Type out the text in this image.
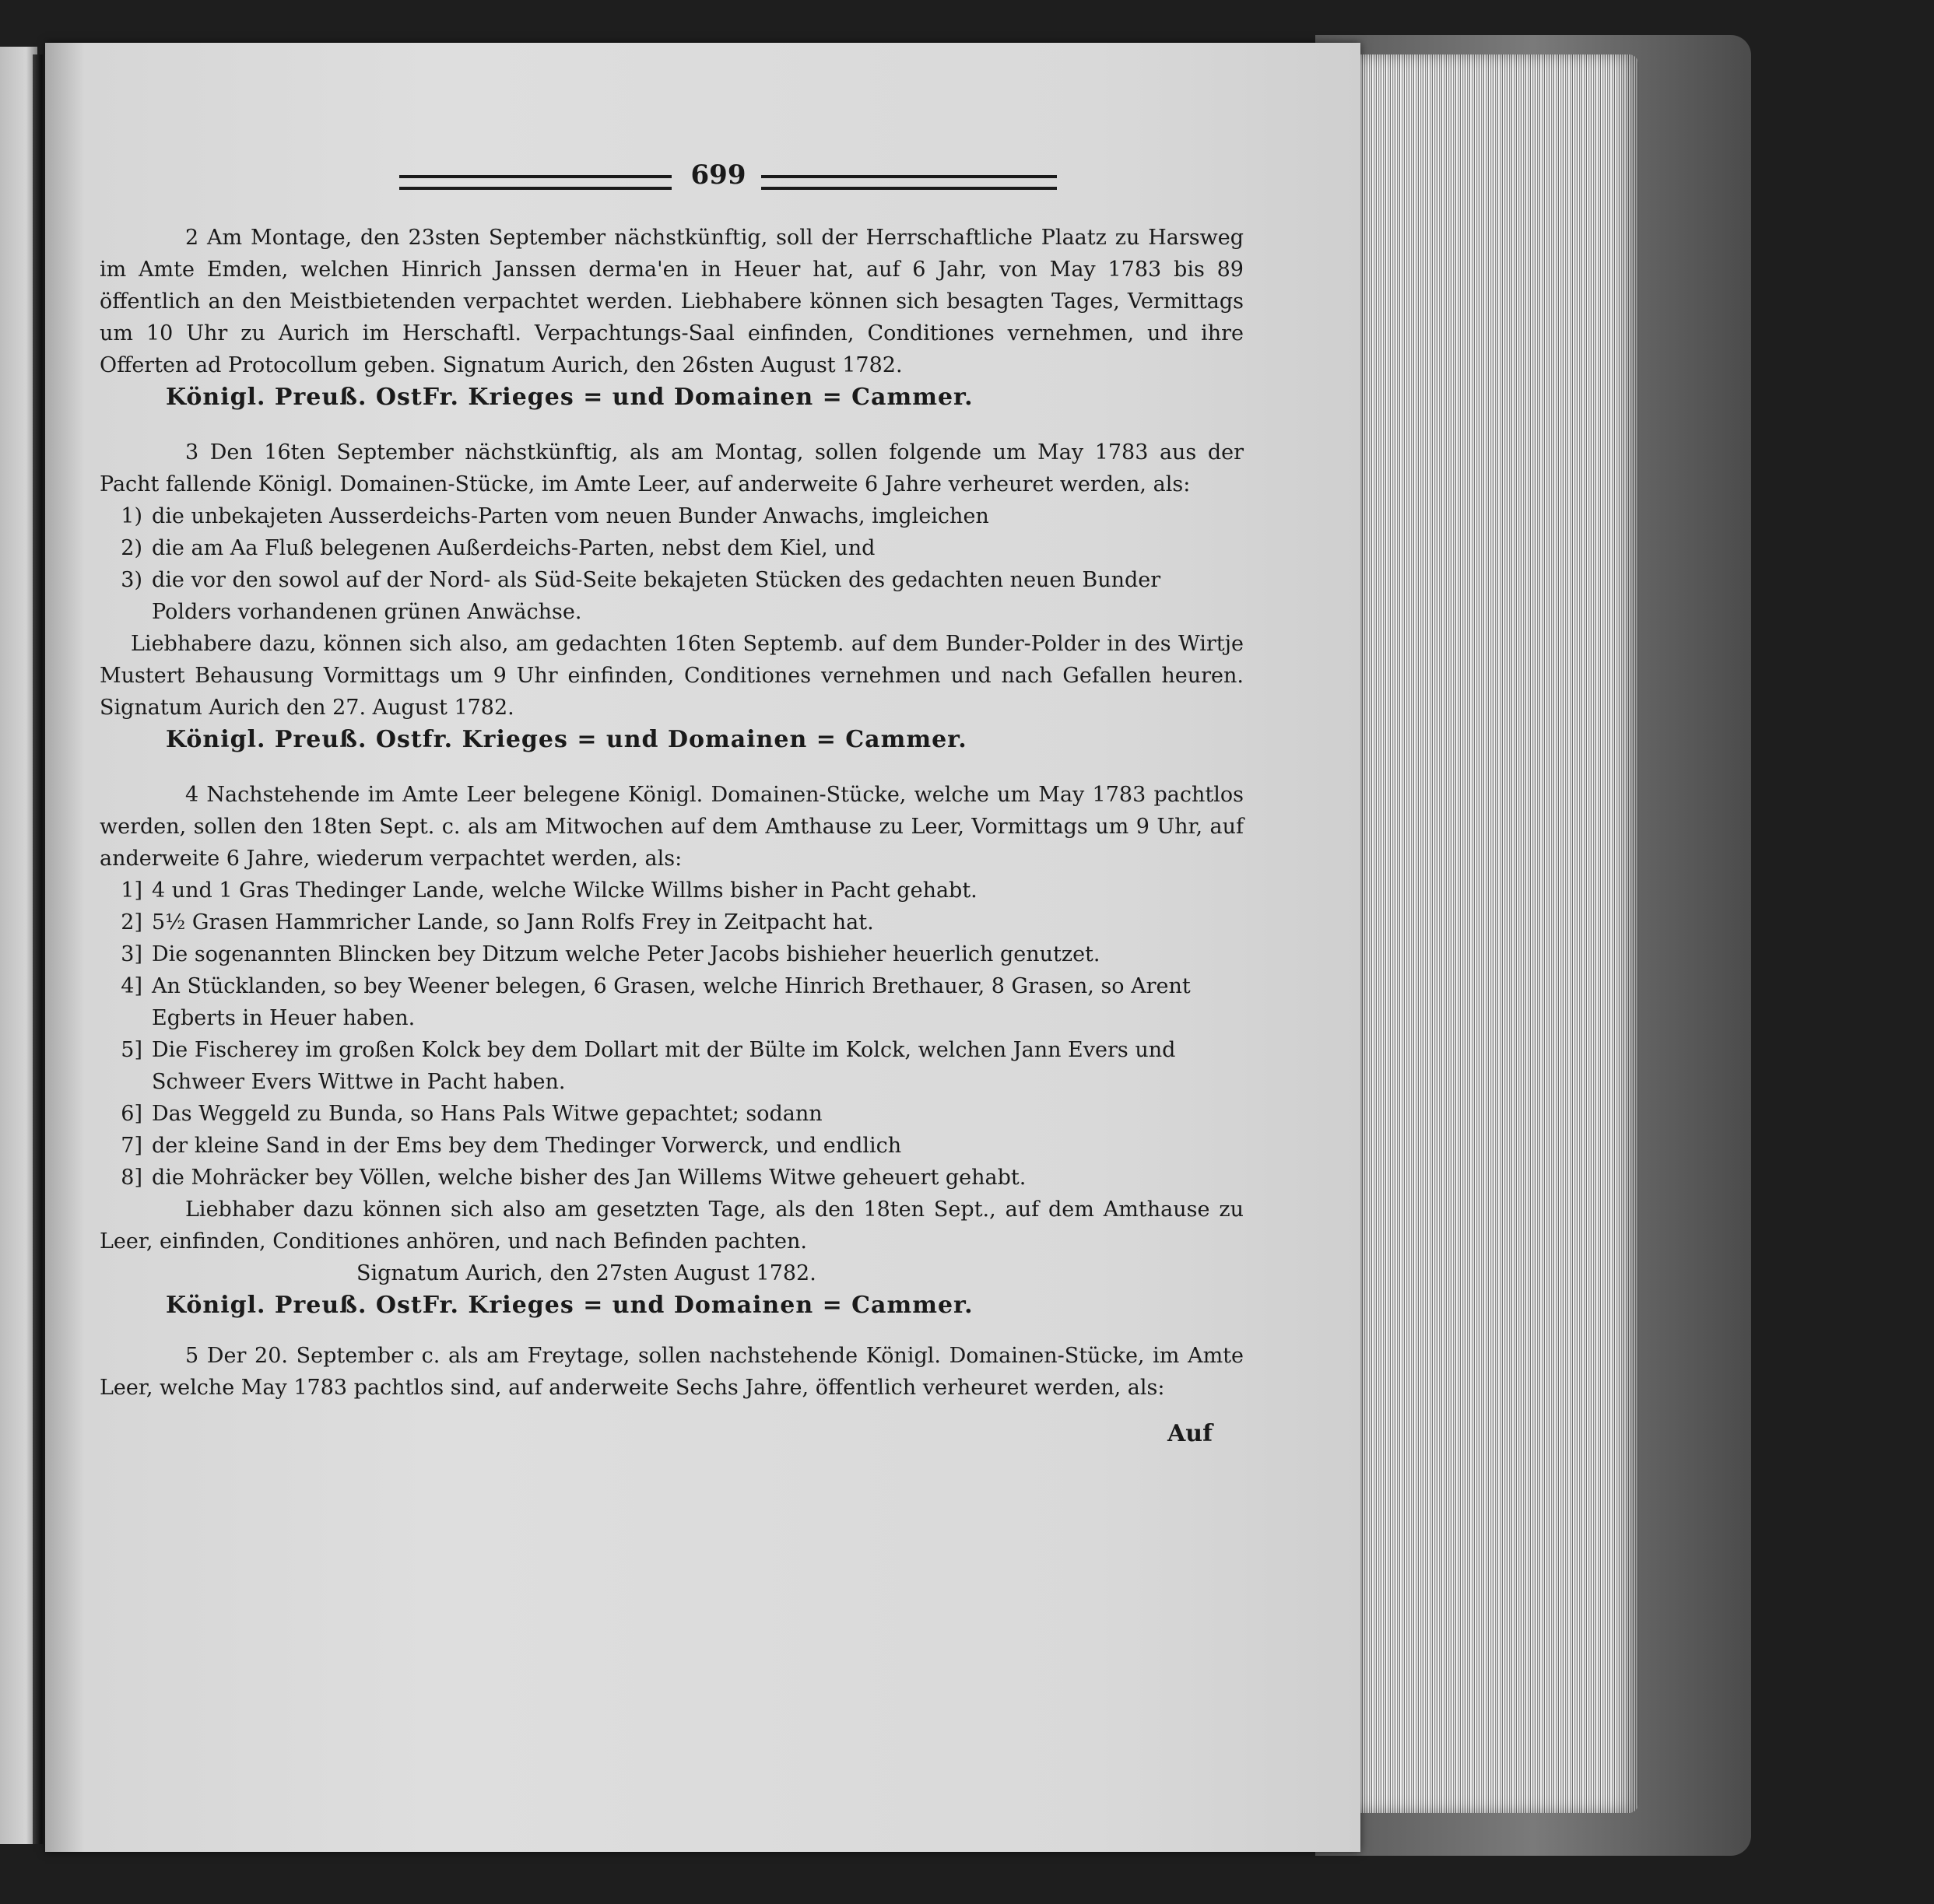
699

2 Am Montage, den 23sten September nächstkünftig, soll der Herrschaftliche Plaatz zu Harsweg im Amte Emden, welchen Hinrich Janssen derma'en in Heuer hat, auf 6 Jahr, von May 1783 bis 89 öffentlich an den Meistbietenden verpachtet werden. Liebhabere können sich besagten Tages, Vermittags um 10 Uhr zu Aurich im Herschaftl. Verpachtungs-Saal einfinden, Conditiones vernehmen, und ihre Offerten ad Protocollum geben. Signatum Aurich, den 26sten August 1782.

Königl. Preuß. OstFr. Krieges = und Domainen = Cammer.

3 Den 16ten September nächstkünftig, als am Montag, sollen folgende um May 1783 aus der Pacht fallende Königl. Domainen-Stücke, im Amte Leer, auf anderweite 6 Jahre verheuret werden, als:

1) die unbekajeten Ausserdeichs-Parten vom neuen Bunder Anwachs, imgleichen
2) die am Aa Fluß belegenen Außerdeichs-Parten, nebst dem Kiel, und
3) die vor den sowol auf der Nord- als Süd-Seite bekajeten Stücken des gedachten neuen Bunder Polders vorhandenen grünen Anwächse.

Liebhabere dazu, können sich also, am gedachten 16ten Septemb. auf dem Bunder-Polder in des Wirtje Mustert Behausung Vormittags um 9 Uhr einfinden, Conditiones vernehmen und nach Gefallen heuren. Signatum Aurich den 27. August 1782.

Königl. Preuß. Ostfr. Krieges = und Domainen = Cammer.

4 Nachstehende im Amte Leer belegene Königl. Domainen-Stücke, welche um May 1783 pachtlos werden, sollen den 18ten Sept. c. als am Mitwochen auf dem Amthause zu Leer, Vormittags um 9 Uhr, auf anderweite 6 Jahre, wiederum verpachtet werden, als:

1] 4 und 1 Gras Thedinger Lande, welche Wilcke Willms bisher in Pacht gehabt.
2] 5½ Grasen Hammricher Lande, so Jann Rolfs Frey in Zeitpacht hat.
3] Die sogenannten Blincken bey Ditzum welche Peter Jacobs bishieher heuerlich genutzet.
4] An Stücklanden, so bey Weener belegen, 6 Grasen, welche Hinrich Brethauer, 8 Grasen, so Arent Egberts in Heuer haben.
5] Die Fischerey im großen Kolck bey dem Dollart mit der Bülte im Kolck, welchen Jann Evers und Schweer Evers Wittwe in Pacht haben.
6] Das Weggeld zu Bunda, so Hans Pals Witwe gepachtet; sodann
7] der kleine Sand in der Ems bey dem Thedinger Vorwerck, und endlich
8] die Mohräcker bey Völlen, welche bisher des Jan Willems Witwe geheuert gehabt.

Liebhaber dazu können sich also am gesetzten Tage, als den 18ten Sept., auf dem Amthause zu Leer, einfinden, Conditiones anhören, und nach Befinden pachten.

Signatum Aurich, den 27sten August 1782.

Königl. Preuß. OstFr. Krieges = und Domainen = Cammer.

5 Der 20. September c. als am Freytage, sollen nachstehende Königl. Domainen-Stücke, im Amte Leer, welche May 1783 pachtlos sind, auf anderweite Sechs Jahre, öffentlich verheuret werden, als:

Auf
